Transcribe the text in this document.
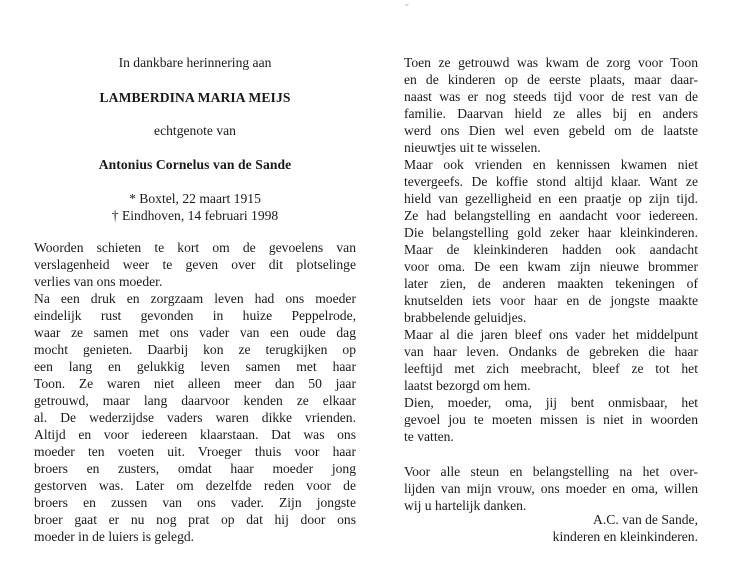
⌄
In dankbare herinnering aan
LAMBERDINA MARIA MEIJS
echtgenote van
Antonius Cornelus van de Sande
* Boxtel, 22 maart 1915
† Eindhoven, 14 februari 1998
Woorden schieten te kort om de gevoelens van
verslagenheid weer te geven over dit plotselinge
verlies van ons moeder.
Na een druk en zorgzaam leven had ons moeder
eindelijk rust gevonden in huize Peppelrode,
waar ze samen met ons vader van een oude dag
mocht genieten. Daarbij kon ze terugkijken op
een lang en gelukkig leven samen met haar
Toon. Ze waren niet alleen meer dan 50 jaar
getrouwd, maar lang daarvoor kenden ze elkaar
al. De wederzijdse vaders waren dikke vrienden.
Altijd en voor iedereen klaarstaan. Dat was ons
moeder ten voeten uit. Vroeger thuis voor haar
broers en zusters, omdat haar moeder jong
gestorven was. Later om dezelfde reden voor de
broers en zussen van ons vader. Zijn jongste
broer gaat er nu nog prat op dat hij door ons
moeder in de luiers is gelegd.
Toen ze getrouwd was kwam de zorg voor Toon
en de kinderen op de eerste plaats, maar daar-
naast was er nog steeds tijd voor de rest van de
familie. Daarvan hield ze alles bij en anders
werd ons Dien wel even gebeld om de laatste
nieuwtjes uit te wisselen.
Maar ook vrienden en kennissen kwamen niet
tevergeefs. De koffie stond altijd klaar. Want ze
hield van gezelligheid en een praatje op zijn tijd.
Ze had belangstelling en aandacht voor iedereen.
Die belangstelling gold zeker haar kleinkinderen.
Maar de kleinkinderen hadden ook aandacht
voor oma. De een kwam zijn nieuwe brommer
later zien, de anderen maakten tekeningen of
knutselden iets voor haar en de jongste maakte
brabbelende geluidjes.
Maar al die jaren bleef ons vader het middelpunt
van haar leven. Ondanks de gebreken die haar
leeftijd met zich meebracht, bleef ze tot het
laatst bezorgd om hem.
Dien, moeder, oma, jij bent onmisbaar, het
gevoel jou te moeten missen is niet in woorden
te vatten.
Voor alle steun en belangstelling na het over-
lijden van mijn vrouw, ons moeder en oma, willen
wij u hartelijk danken.
A.C. van de Sande,
kinderen en kleinkinderen.
